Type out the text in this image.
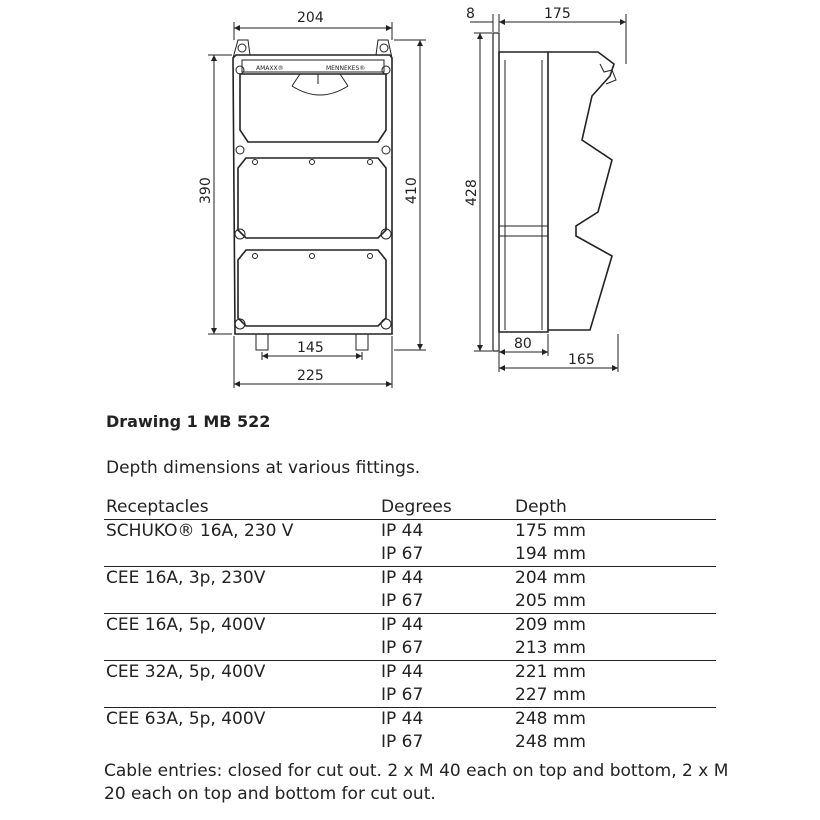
204
390	410
145
225
8	175
428
80
165
AMAXX®	MENNEKES®
Drawing 1 MB 522
Depth dimensions at various fittings.
Receptacles	Degrees	Depth
SCHUKO® 16A, 230 V	IP 44	175 mm
	IP 67	194 mm
CEE 16A, 3p, 230V	IP 44	204 mm
	IP 67	205 mm
CEE 16A, 5p, 400V	IP 44	209 mm
	IP 67	213 mm
CEE 32A, 5p, 400V	IP 44	221 mm
	IP 67	227 mm
CEE 63A, 5p, 400V	IP 44	248 mm
	IP 67	248 mm
Cable entries: closed for cut out. 2 x M 40 each on top and bottom, 2 x M 20 each on top and bottom for cut out.
